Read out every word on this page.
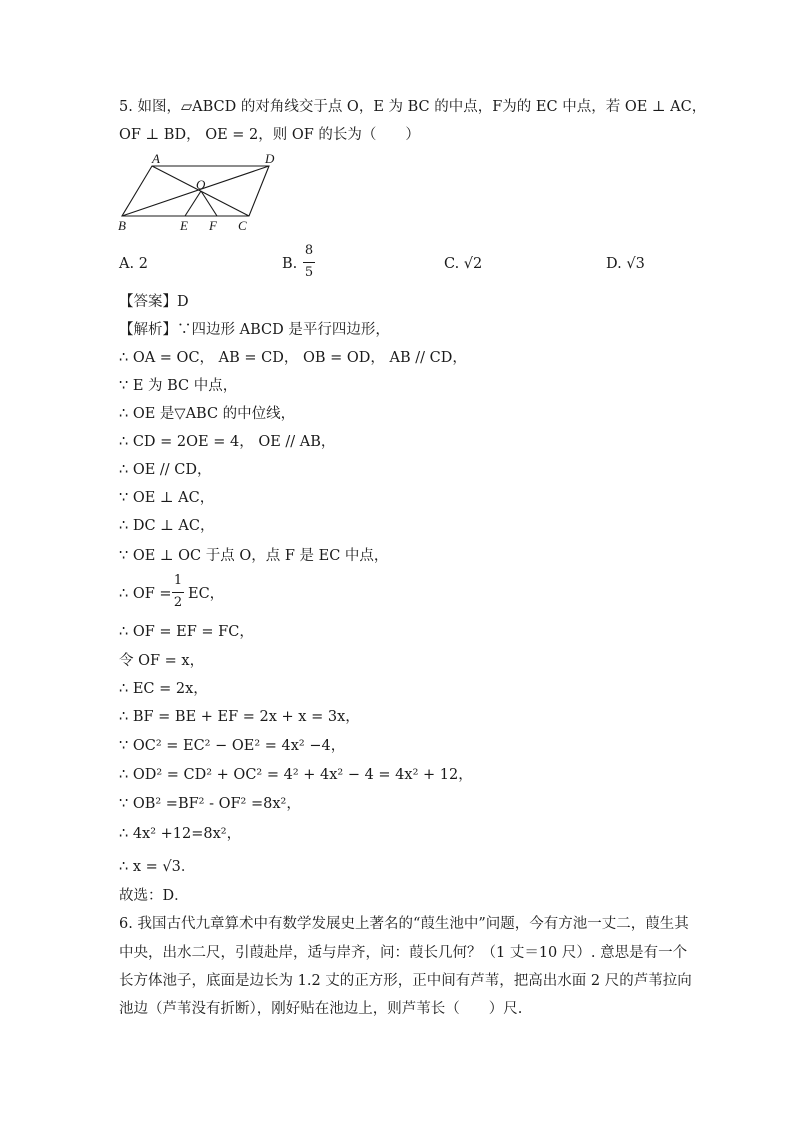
5. 如图，▱ABCD 的对角线交于点 O，E 为 BC 的中点，F为的 EC 中点，若 OE ⊥ AC，
OF ⊥ BD， OE = 2，则 OF 的长为（　　）
A	D
O
B	E F C
A. 2	B.
8
5
C. √2	D. √3
【答案】D
【解析】∵四边形 ABCD 是平行四边形，
∴ OA = OC， AB = CD， OB = OD， AB // CD，
∵ E 为 BC 中点，
∴ OE 是▽ABC 的中位线，
∴ CD = 2OE = 4， OE // AB，
∴ OE // CD，
∵ OE ⊥ AC，
∴ DC ⊥ AC，
∵ OE ⊥ OC 于点 O，点 F 是 EC 中点，
∴ OF =
1
2
EC，
∴ OF = EF = FC，
令 OF = x，
∴ EC = 2x，
∴ BF = BE + EF = 2x + x = 3x，
∵ OC² = EC² − OE² = 4x² −4，
∴ OD² = CD² + OC² = 4² + 4x² − 4 = 4x² + 12，
∵ OB² =BF² - OF² =8x²，
∴ 4x² +12=8x²，
∴ x = √3．
故选：D．
6. 我国古代九章算术中有数学发展史上著名的“葭生池中”问题，今有方池一丈二，葭生其
中央，出水二尺，引葭赴岸，适与岸齐，问：葭长几何？（1 丈＝10 尺）. 意思是有一个
长方体池子，底面是边长为 1.2 丈的正方形，正中间有芦苇，把高出水面 2 尺的芦苇拉向
池边（芦苇没有折断），刚好贴在池边上，则芦苇长（　　）尺.
